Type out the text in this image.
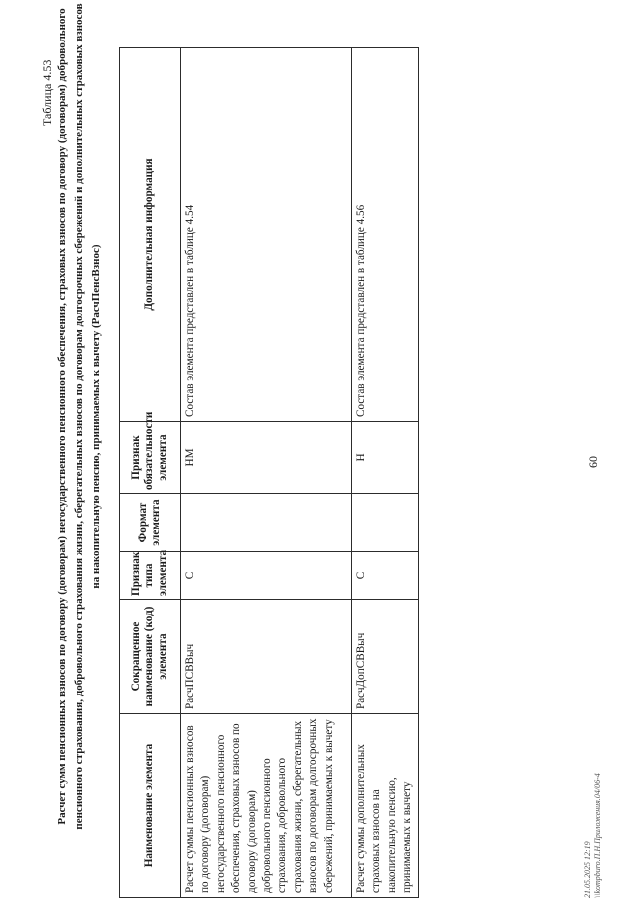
60
Таблица 4.53 Расчет сумм пенсионных взносов по договору (договорам) негосударственного пенсионного обеспечения, страховых взносов по договору (договорам) добровольного пенсионного страхования, добровольного страхования жизни, сберегательных взносов по договорам долгосрочных сбережений и дополнительных страховых взносов на накопительную пенсию, принимаемых к вычету (РасчПенсВзнос)

Наименование элемента	Сокращенное наименование (код) элемента	Признак типа элемента	Формат элемента	Признак обязательности элемента	Дополнительная информация
Расчет суммы пенсионных взносов по договору (договорам) негосударственного пенсионного обеспечения, страховых взносов по договору (договорам) добровольного пенсионного страхования, добровольного страхования жизни, сберегательных взносов по договорам долгосрочных сбережений, принимаемых к вычету	РасчПСВВыч	С		НМ	Состав элемента представлен в таблице 4.54
Расчет суммы дополнительных страховых взносов на накопительную пенсию, принимаемых к вычету	РасчДопСВВыч	С		Н	Состав элемента представлен в таблице 4.56
21.05.2025 12:19 \\kompburo.П.Н.Приложения.04/06-4
